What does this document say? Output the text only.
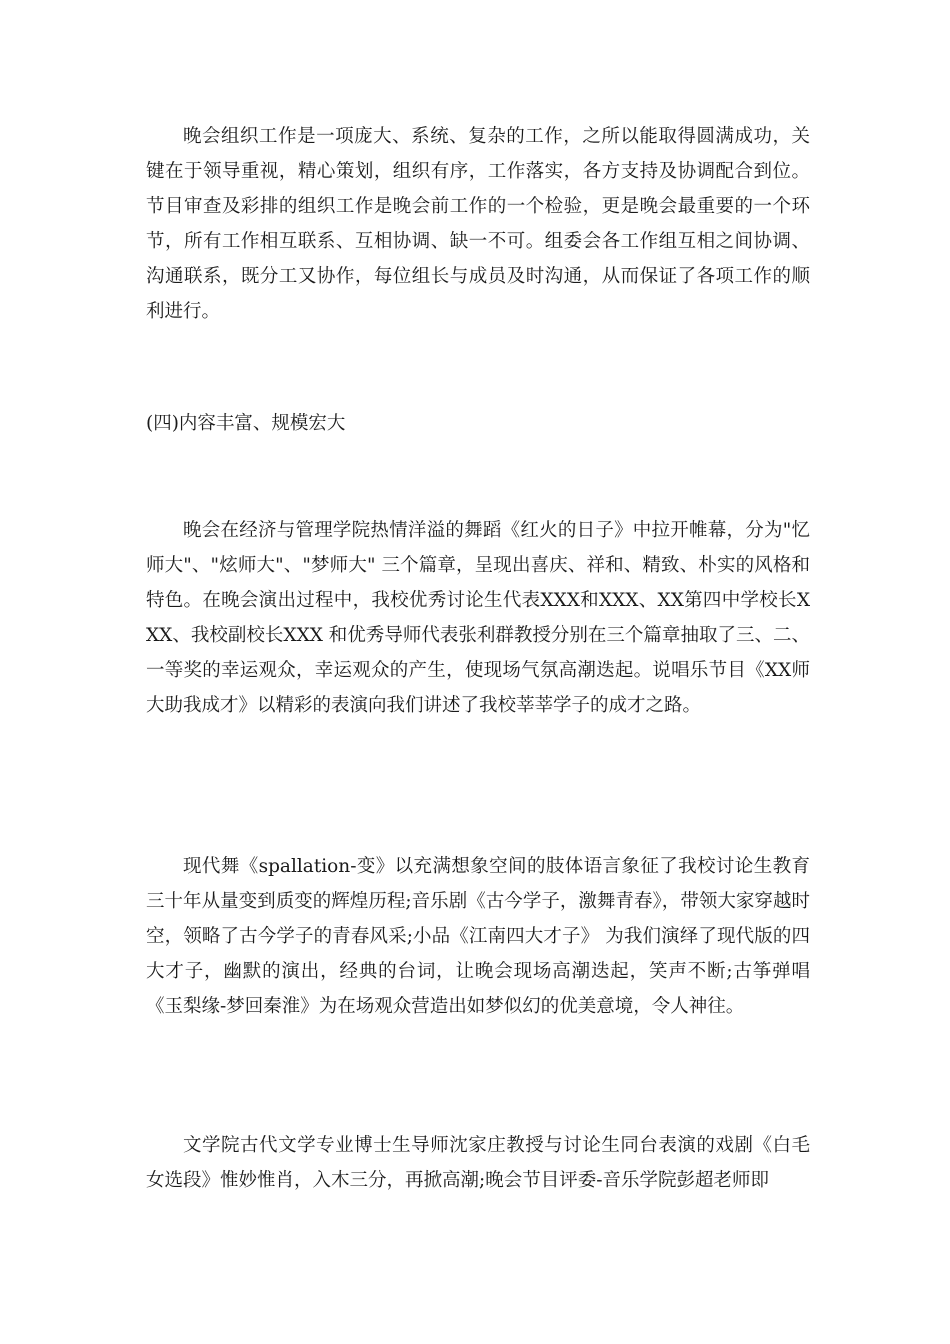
晚会组织工作是一项庞大、系统、复杂的工作，之所以能取得圆满成功，关键在于领导重视，精心策划，组织有序，工作落实，各方支持及协调配合到位。节目审查及彩排的组织工作是晚会前工作的一个检验，更是晚会最重要的一个环节，所有工作相互联系、互相协调、缺一不可。组委会各工作组互相之间协调、沟通联系，既分工又协作，每位组长与成员及时沟通，从而保证了各项工作的顺利进行。

(四)内容丰富、规模宏大

晚会在经济与管理学院热情洋溢的舞蹈《红火的日子》中拉开帷幕，分为"忆师大"、"炫师大"、"梦师大" 三个篇章，呈现出喜庆、祥和、精致、朴实的风格和特色。在晚会演出过程中，我校优秀讨论生代表XXX和XXX、XX第四中学校长XXX、我校副校长XXX 和优秀导师代表张利群教授分别在三个篇章抽取了三、二、一等奖的幸运观众，幸运观众的产生，使现场气氛高潮迭起。说唱乐节目《XX师大助我成才》以精彩的表演向我们讲述了我校莘莘学子的成才之路。

现代舞《spallation-变》以充满想象空间的肢体语言象征了我校讨论生教育三十年从量变到质变的辉煌历程;音乐剧《古今学子，激舞青春》，带领大家穿越时空，领略了古今学子的青春风采;小品《江南四大才子》 为我们演绎了现代版的四大才子，幽默的演出，经典的台词，让晚会现场高潮迭起，笑声不断;古筝弹唱《玉梨缘-梦回秦淮》为在场观众营造出如梦似幻的优美意境，令人神往。

文学院古代文学专业博士生导师沈家庄教授与讨论生同台表演的戏剧《白毛女选段》惟妙惟肖，入木三分，再掀高潮;晚会节目评委-音乐学院彭超老师即
